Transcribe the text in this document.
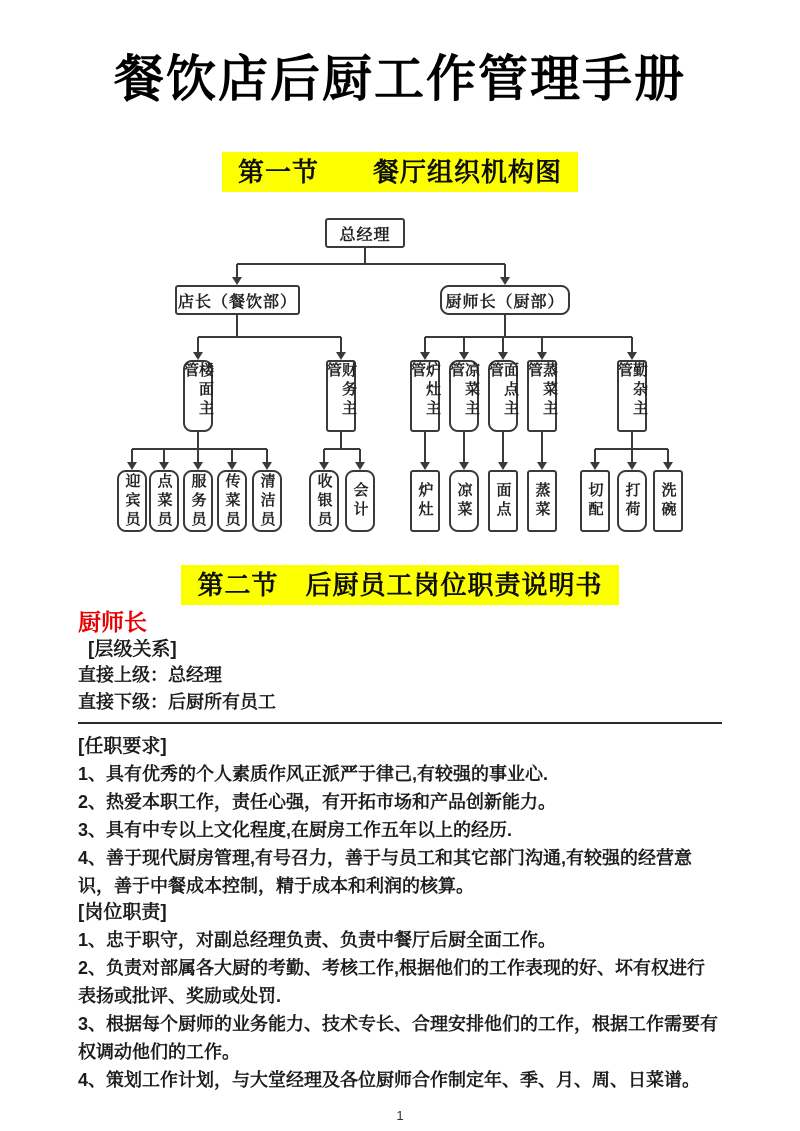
餐饮店后厨工作管理手册
第一节　　餐厅组织机构图
总经理
店长（餐饮部）	厨师长（厨部）
楼面主管	财务主管	炉灶主管	凉菜主管	面点主管	蒸菜主管	勤杂主管
迎宾员 点菜员 服务员 传菜员 清洁员	收银员 会计	炉灶 凉菜 面点 蒸菜 切配 打荷 洗碗
第二节　后厨员工岗位职责说明书
厨师长
[层级关系]
直接上级：总经理
直接下级：后厨所有员工
[任职要求]

1、具有优秀的个人素质作风正派严于律己,有较强的事业心.

2、热爱本职工作，责任心强，有开拓市场和产品创新能力。

3、具有中专以上文化程度,在厨房工作五年以上的经历.

4、善于现代厨房管理,有号召力，善于与员工和其它部门沟通,有较强的经营意识，善于中餐成本控制，精于成本和利润的核算。

[岗位职责]

1、忠于职守，对副总经理负责、负责中餐厅后厨全面工作。

2、负责对部属各大厨的考勤、考核工作,根据他们的工作表现的好、坏有权进行表扬或批评、奖励或处罚.

3、根据每个厨师的业务能力、技术专长、合理安排他们的工作，根据工作需要有权调动他们的工作。

4、策划工作计划，与大堂经理及各位厨师合作制定年、季、月、周、日菜谱。

1
